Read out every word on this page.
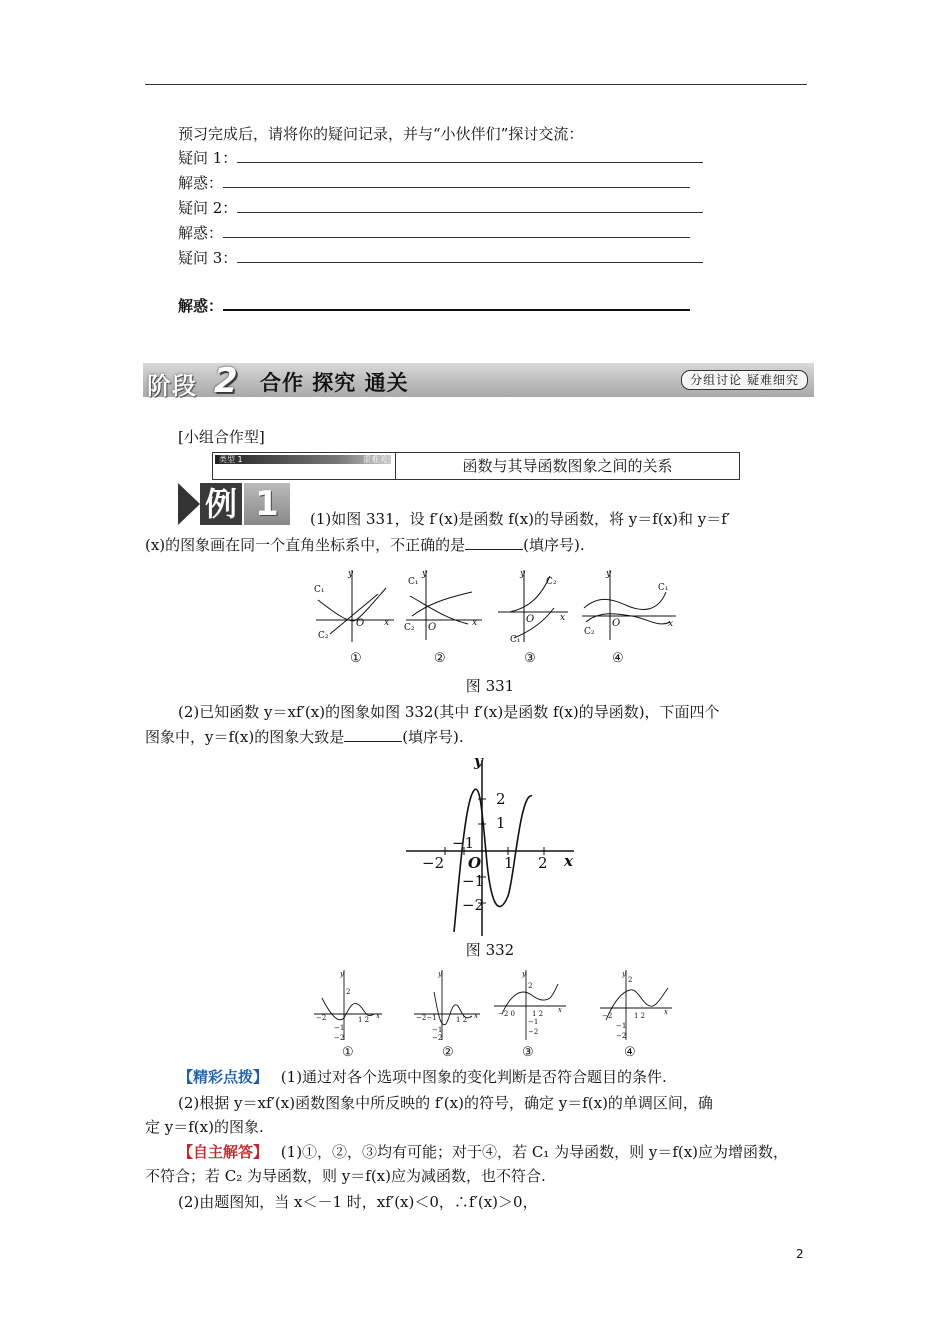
预习完成后，请将你的疑问记录，并与“小伙伴们”探讨交流：
疑问 1：
解惑：
疑问 2：
解惑：
疑问 3：
解惑：
阶段 2 合作 探究 通关	分组讨论 疑难细究
[小组合作型]
类型 1	重难关	函数与其导函数图象之间的关系
例 1	(1)如图 331，设 f′(x)是函数 f(x)的导函数，将 y＝f(x)和 y＝f′
(x)的图象画在同一个直角坐标系中，不正确的是	(填序号).
y
x
O
C₁
C₂
①
y
x
O
C₁
C₂
②
y
x
O
C₂
C₁
③
y
x
O
C₁
C₂
④
图 331
(2)已知函数 y＝xf′(x)的图象如图 332(其中 f′(x)是函数 f(x)的导函数)，下面四个
图象中，y＝f(x)的图象大致是	(填序号).
y
x
O
−2
−1
1 2
2
1
−1
−2
图 332
y
x
−2	1 2
2
−1
−2
①
y
x
−2−1	1 2
−1
−2
②
y
x
−2 0 1 2
2
−1
−2
③
y
x
−2	1 2
2
−1
−2
④
【精彩点拨】 (1)通过对各个选项中图象的变化判断是否符合题目的条件.
(2)根据 y＝xf′(x)函数图象中所反映的 f′(x)的符号，确定 y＝f(x)的单调区间，确
定 y＝f(x)的图象.
【自主解答】 (1)①，②，③均有可能；对于④，若 C₁ 为导函数，则 y＝f(x)应为增函数，
不符合；若 C₂ 为导函数，则 y＝f(x)应为减函数，也不符合.
(2)由题图知，当 x＜－1 时，xf′(x)＜0，∴f′(x)＞0，
2
